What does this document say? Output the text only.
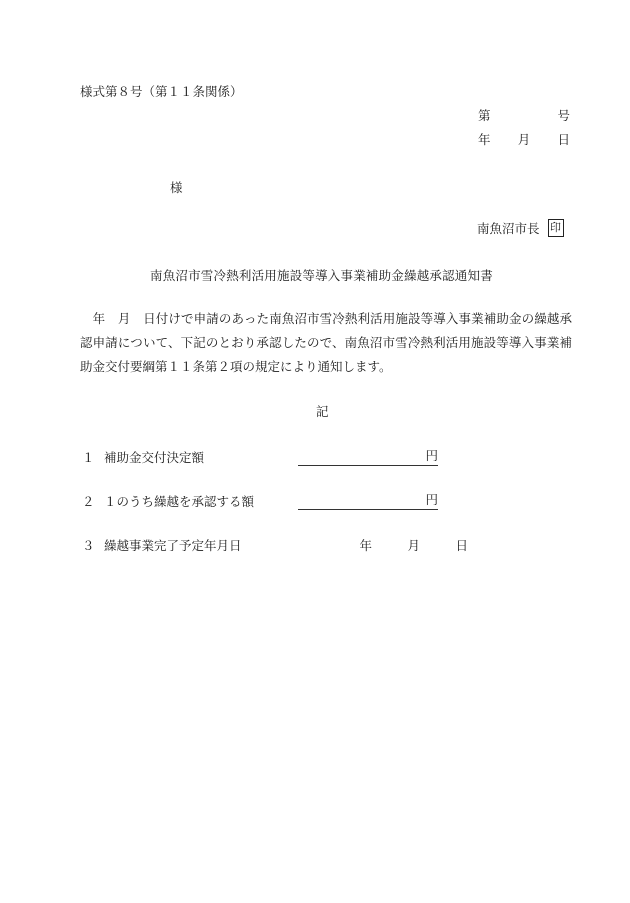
様式第８号（第１１条関係）
第	号
年 月 日
様
南魚沼市長 印
南魚沼市雪冷熱利活用施設等導入事業補助金繰越承認通知書
　年　月　日付けで申請のあった南魚沼市雪冷熱利活用施設等導入事業補助金の繰越承認申請について、下記のとおり承認したので、南魚沼市雪冷熱利活用施設等導入事業補助金交付要綱第１１条第２項の規定により通知します。
記
１ 補助金交付決定額	円
２ １のうち繰越を承認する額	円
３ 繰越事業完了予定年月日	年	月	日
